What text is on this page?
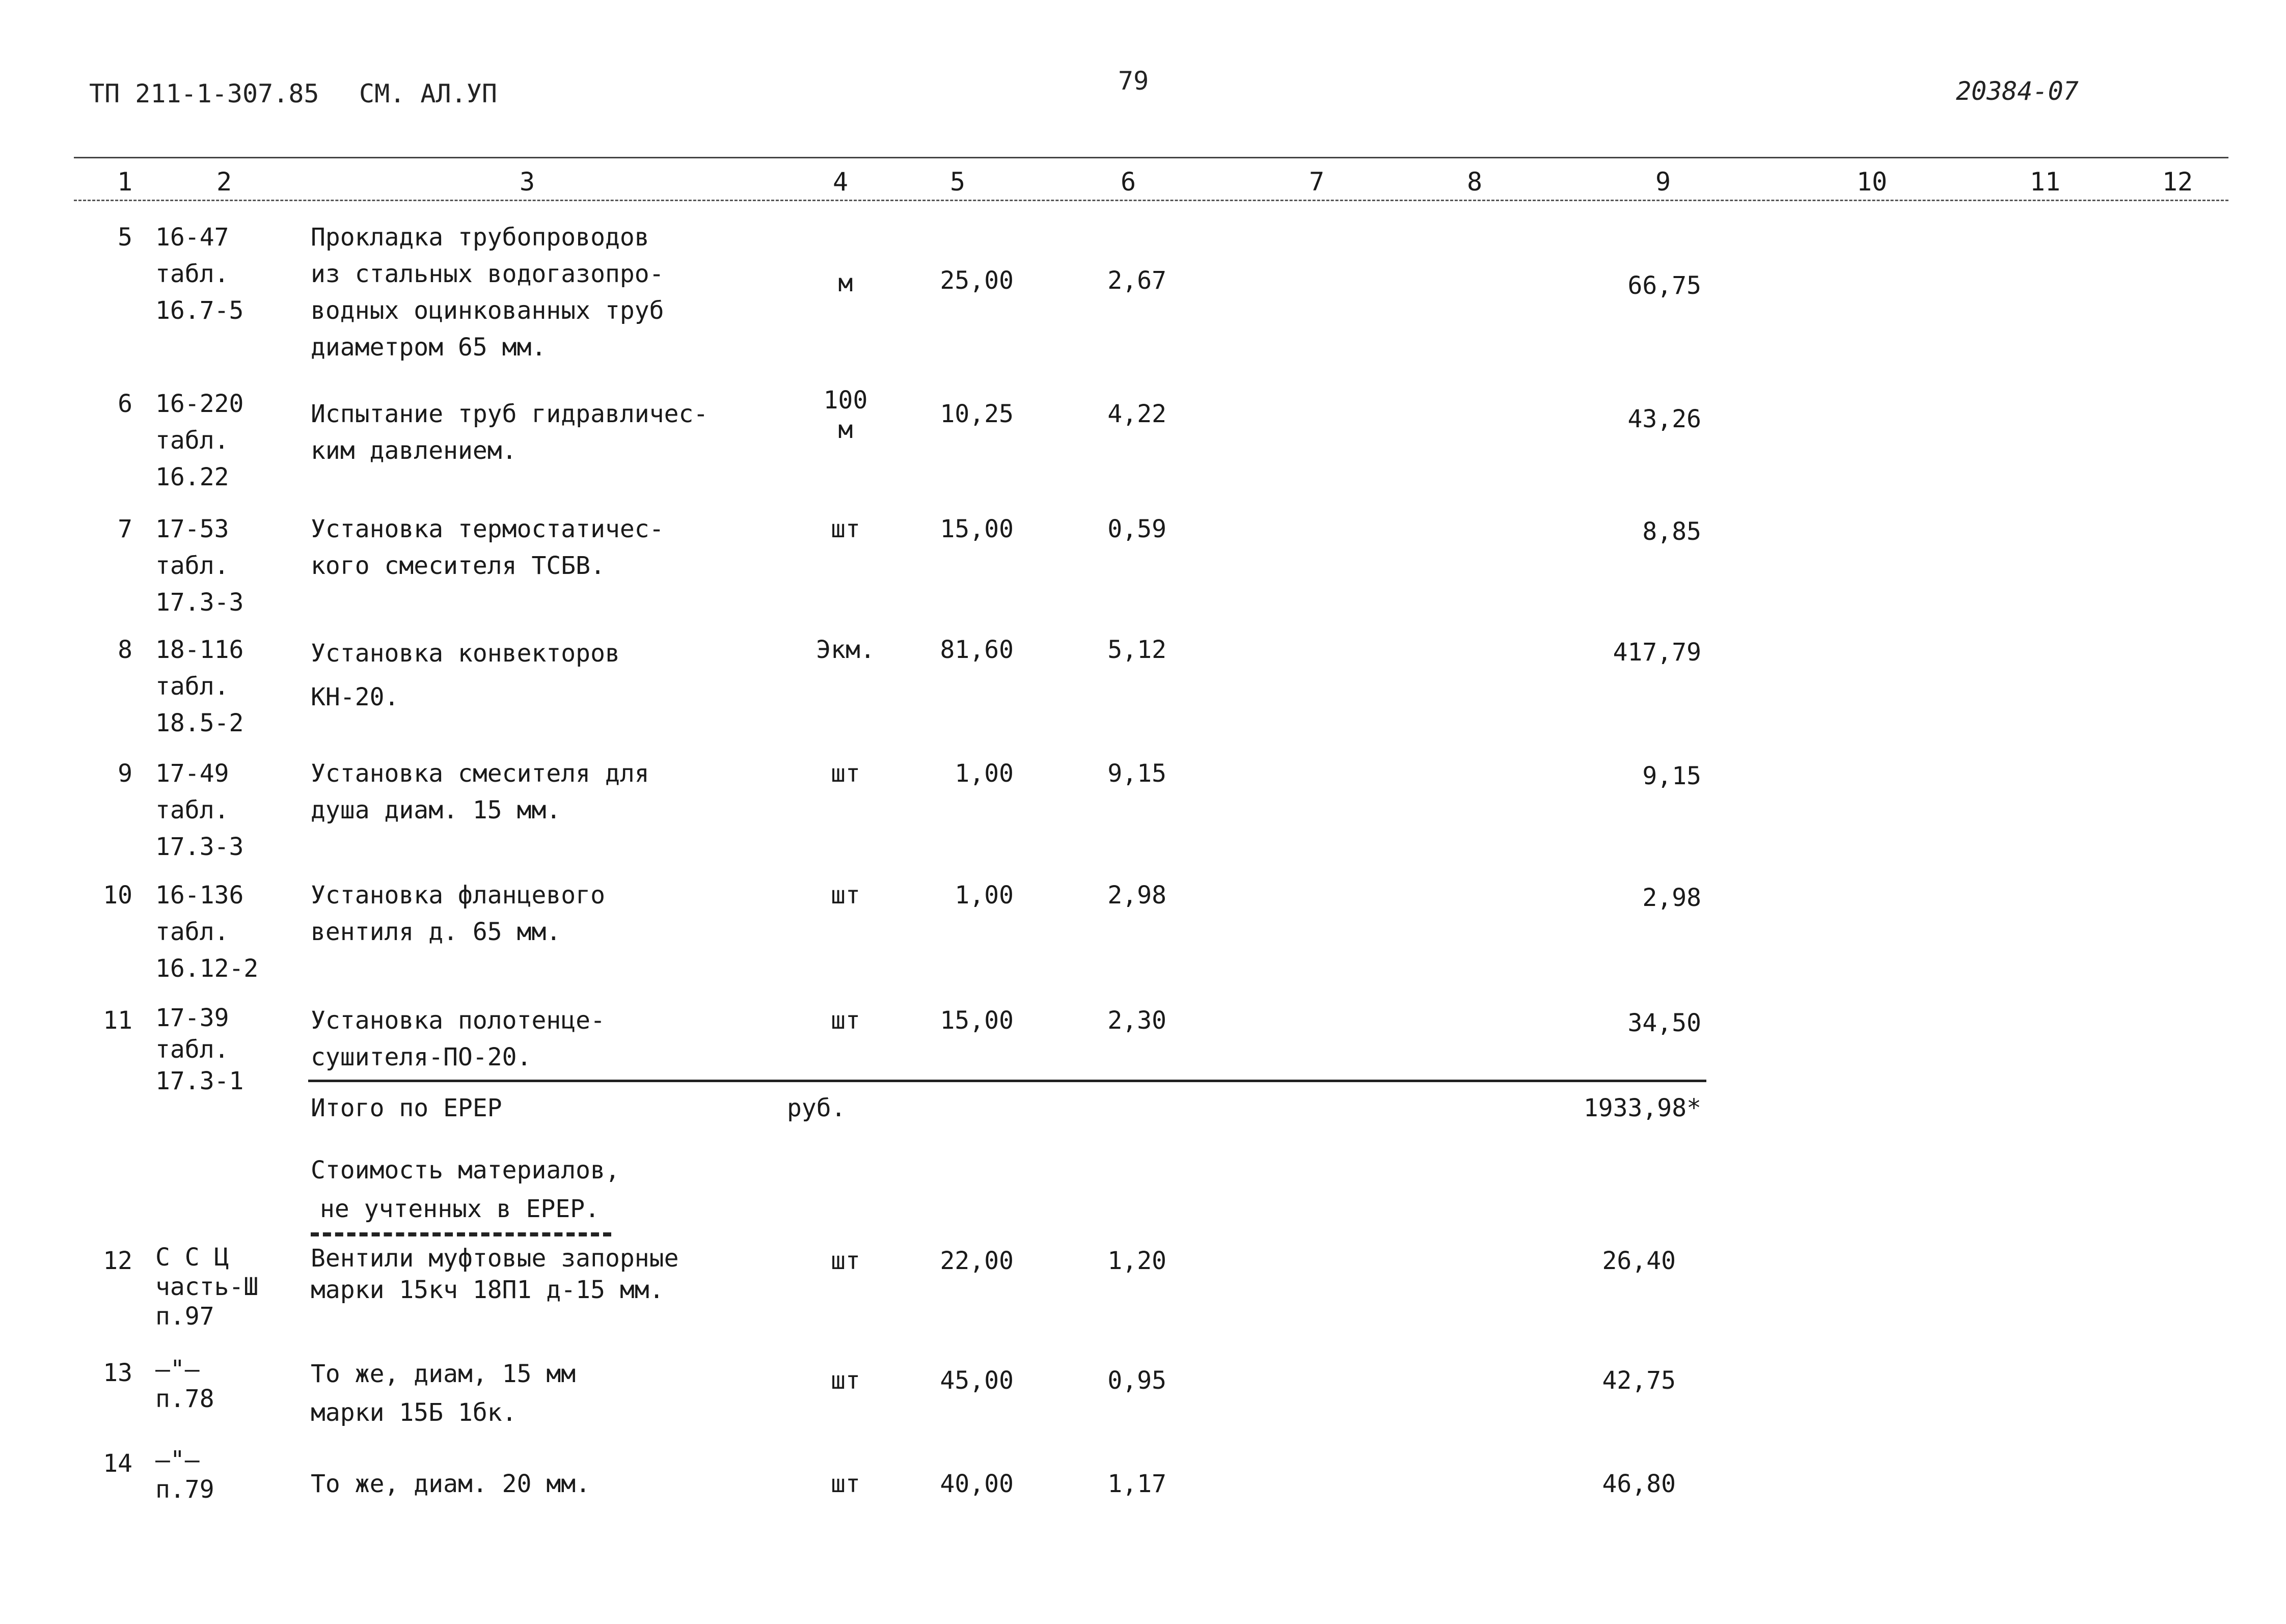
ТП 211-1-307.85 СМ. АЛ.УП	79	20384-07
1	2	3	4	5	6	7	8	9	10	11	12
5 16-47
табл.
16.7-5
Прокладка трубопроводов
из стальных водогазопро-
водных оцинкованных труб
диаметром 65 мм.
м	25,00	2,67	66,75
6 16-220
табл.
16.22
Испытание труб гидравличес-
ким давлением.
100
м
10,25	4,22	43,26
7 17-53
табл.
17.3-3
Установка термостатичес-
кого смесителя ТСБВ.
шт	15,00	0,59	8,85
8 18-116
табл.
18.5-2
Установка конвекторов
КН-20.
Экм.	81,60	5,12	417,79
9 17-49
табл.
17.3-3
Установка смесителя для
душа диам. 15 мм.
шт	1,00	9,15	9,15
10 16-136
табл.
16.12-2
Установка фланцевого
вентиля д. 65 мм.
шт	1,00	2,98	2,98
11 17-39
табл.
17.3-1
Установка полотенце-
сушителя-ПО-20.
шт	15,00	2,30	34,50
Итого по ЕРЕР	руб.	1933,98*
Стоимость материалов,
не учтенных в ЕРЕР.
12 С С Ц
часть-Ш
п.97
Вентили муфтовые запорные
марки 15кч 18П1 д-15 мм.
шт	22,00	1,20	26,40
13 —"—
п.78
То же, диам, 15 мм
марки 15Б 1бк.
шт	45,00	0,95	42,75
14 —"—
п.79	То же, диам. 20 мм.	шт	40,00	1,17	46,80
